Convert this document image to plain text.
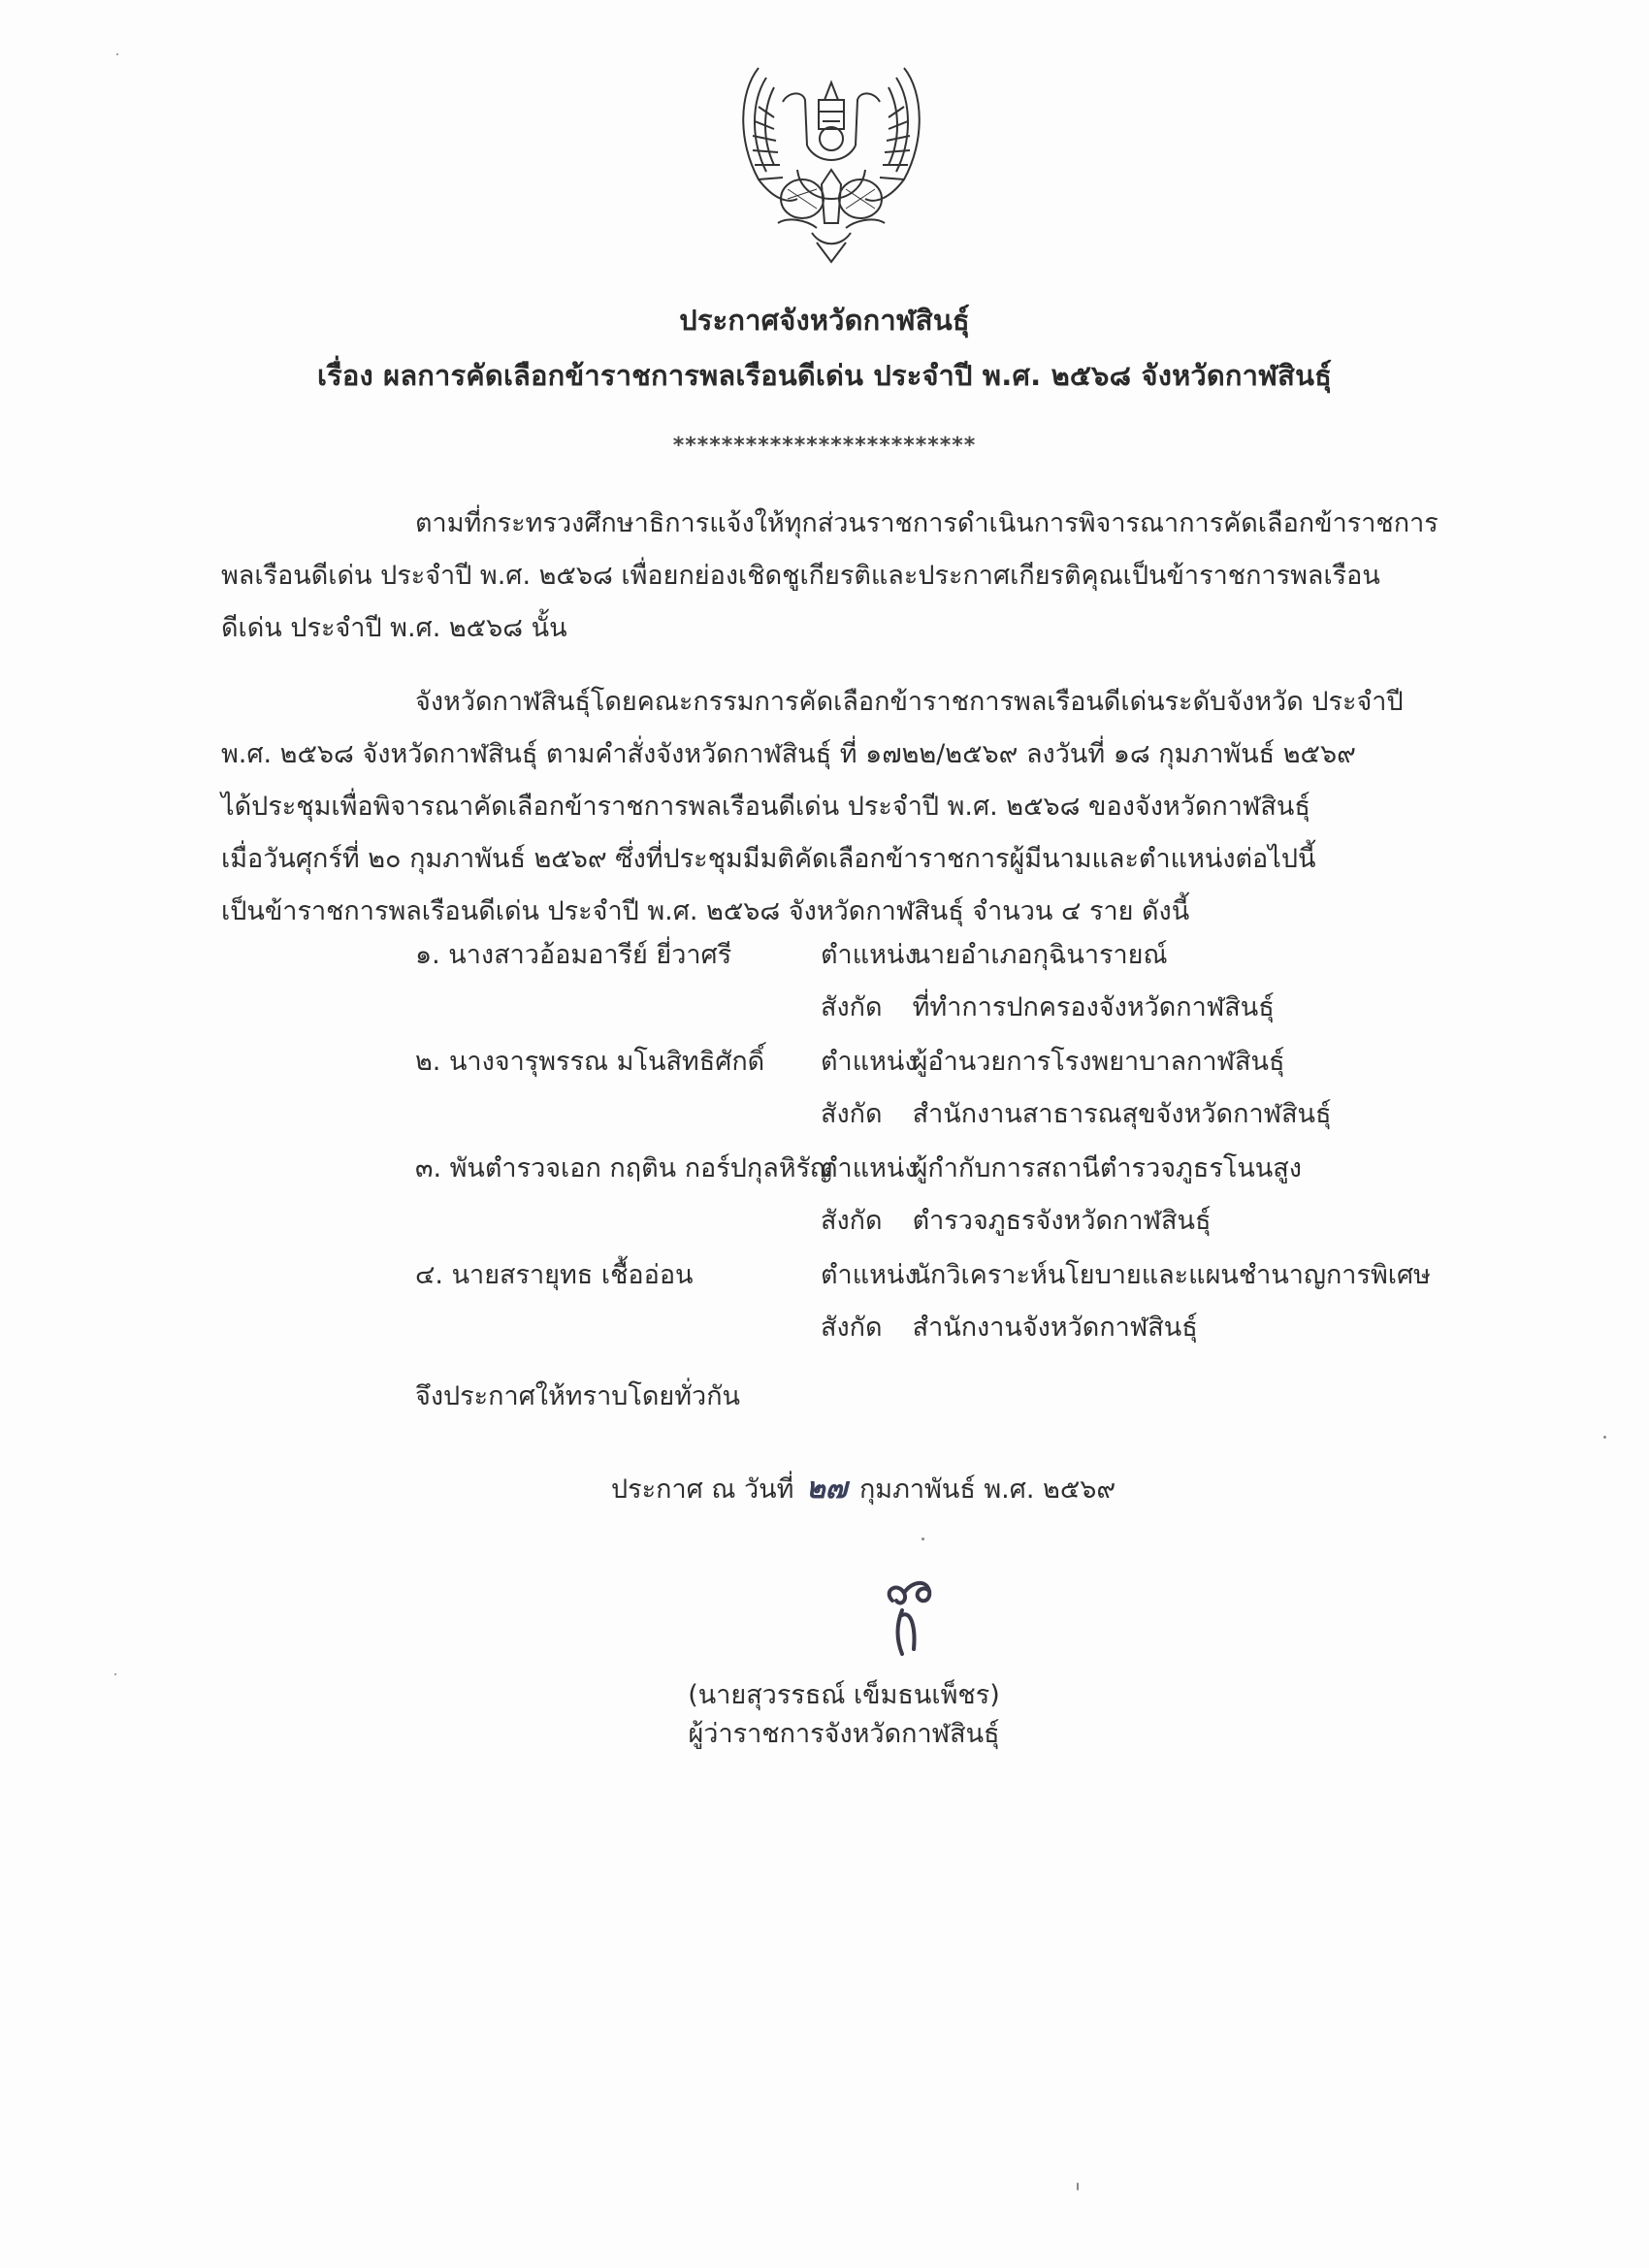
ประกาศจังหวัดกาฬสินธุ์
เรื่อง ผลการคัดเลือกข้าราชการพลเรือนดีเด่น ประจำปี พ.ศ. ๒๕๖๘ จังหวัดกาฬสินธุ์
*************************
ตามที่กระทรวงศึกษาธิการแจ้งให้ทุกส่วนราชการดำเนินการพิจารณาการคัดเลือกข้าราชการ
พลเรือนดีเด่น ประจำปี พ.ศ. ๒๕๖๘ เพื่อยกย่องเชิดชูเกียรติและประกาศเกียรติคุณเป็นข้าราชการพลเรือน
ดีเด่น ประจำปี พ.ศ. ๒๕๖๘ นั้น
จังหวัดกาฬสินธุ์โดยคณะกรรมการคัดเลือกข้าราชการพลเรือนดีเด่นระดับจังหวัด ประจำปี
พ.ศ. ๒๕๖๘ จังหวัดกาฬสินธุ์ ตามคำสั่งจังหวัดกาฬสินธุ์ ที่ ๑๗๒๒/๒๕๖๙ ลงวันที่ ๑๘ กุมภาพันธ์ ๒๕๖๙
ได้ประชุมเพื่อพิจารณาคัดเลือกข้าราชการพลเรือนดีเด่น ประจำปี พ.ศ. ๒๕๖๘ ของจังหวัดกาฬสินธุ์
เมื่อวันศุกร์ที่ ๒๐ กุมภาพันธ์ ๒๕๖๙ ซึ่งที่ประชุมมีมติคัดเลือกข้าราชการผู้มีนามและตำแหน่งต่อไปนี้
เป็นข้าราชการพลเรือนดีเด่น ประจำปี พ.ศ. ๒๕๖๘ จังหวัดกาฬสินธุ์ จำนวน ๔ ราย ดังนี้
๑. นางสาวอ้อมอารีย์ ยี่วาศรี	ตำแหน่ง นายอำเภอกุฉินารายณ์
สังกัด ที่ทำการปกครองจังหวัดกาฬสินธุ์
๒. นางจารุพรรณ มโนสิทธิศักดิ์ ตำแหน่ง ผู้อำนวยการโรงพยาบาลกาฬสินธุ์
สังกัด สำนักงานสาธารณสุขจังหวัดกาฬสินธุ์
๓. พันตำรวจเอก กฤติน กอร์ปกุลหิรัญ
ตำแหน่ง ผู้กำกับการสถานีตำรวจภูธรโนนสูง
สังกัด ตำรวจภูธรจังหวัดกาฬสินธุ์
๔. นายสรายุทธ เชื้ออ่อน	ตำแหน่ง นักวิเคราะห์นโยบายและแผนชำนาญการพิเศษ
สังกัด สำนักงานจังหวัดกาฬสินธุ์
จึงประกาศให้ทราบโดยทั่วกัน
ประกาศ ณ วันที่ ๒๗ กุมภาพันธ์ พ.ศ. ๒๕๖๙
(นายสุวรรธณ์ เข็มธนเพ็ชร)
ผู้ว่าราชการจังหวัดกาฬสินธุ์
